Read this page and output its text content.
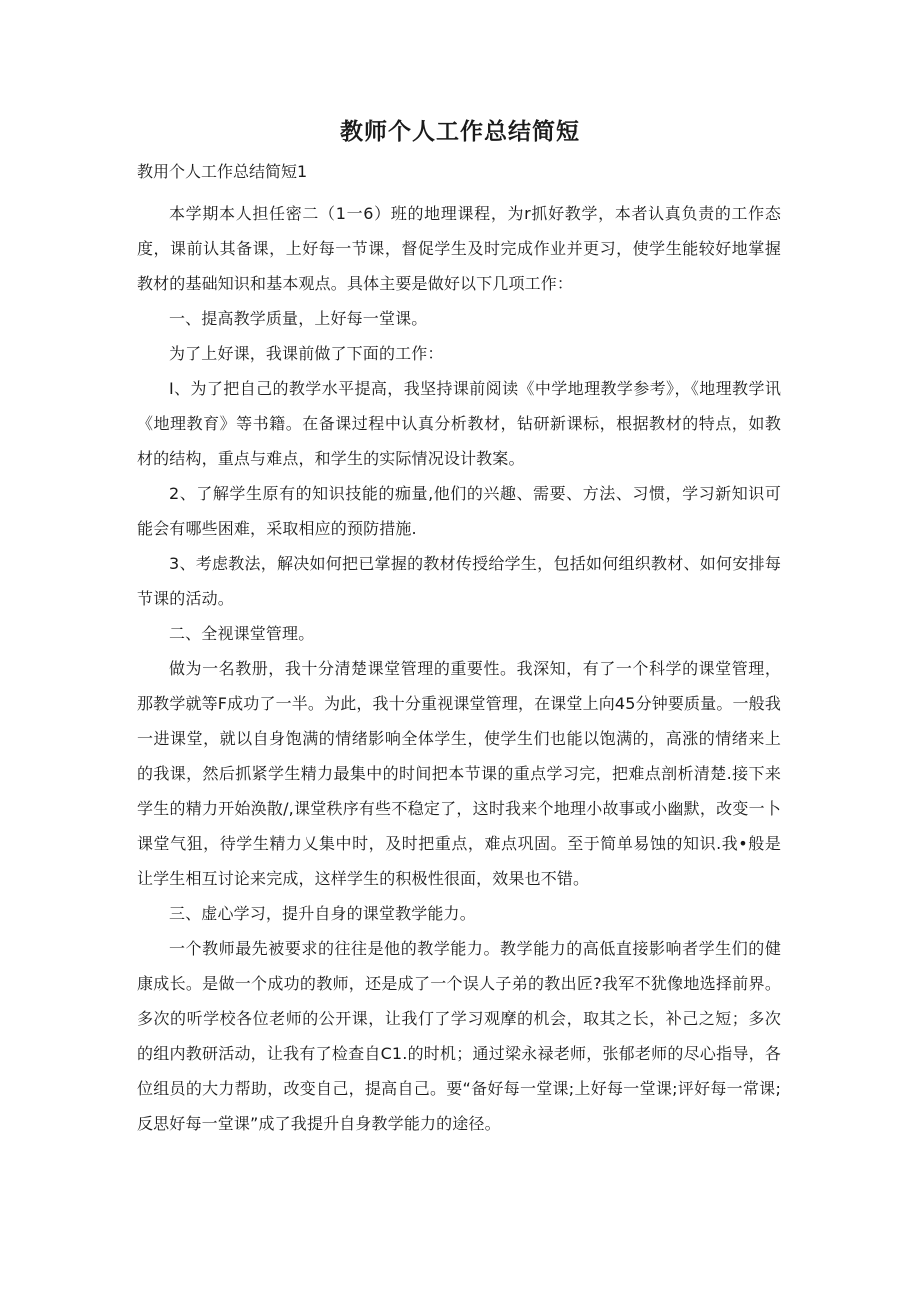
教师个人工作总结简短
教用个人工作总结简短1

本学期本人担任密二（1一6）班的地理课程，为r抓好教学，本者认真负责的工作态度，课前认其备课，上好每一节课，督促学生及时完成作业并更习，使学生能较好地掌握教材的基础知识和基本观点。具体主要是做好以下几项工作：

一、提高教学质量，上好每一堂课。

为了上好课，我课前做了下面的工作：

I、为了把自己的教学水平提高，我坚持课前阅读《中学地理教学参考》，《地理教学讯《地理教育》等书籍。在备课过程中认真分析教材，钻研新课标，根据教材的特点，如教材的结构，重点与难点，和学生的实际情况设计教案。

2、了解学生原有的知识技能的痂量,他们的兴趣、需要、方法、习惯，学习新知识可能会有哪些困难，采取相应的预防措施.

3、考虑教法，解决如何把已掌握的教材传授给学生，包括如何组织教材、如何安排每节课的活动。

二、全视课堂管理。

做为一名教册，我十分清楚课堂管理的重要性。我深知，有了一个科学的课堂管理，那教学就等F成功了一半。为此，我十分重视课堂管理，在课堂上向45分钟要质量。一般我一进课堂，就以自身饱满的情绪影响全体学生，使学生们也能以饱满的，高涨的情绪来上的我课，然后抓紧学生精力最集中的时间把本节课的重点学习完，把难点剖析清楚.接下来学生的精力开始涣散/,课堂秩序有些不稳定了，这时我来个地理小故事或小幽默，改变一卜课堂气狙，待学生精力乂集中时，及时把重点，难点巩固。至于简单易蚀的知识.我•般是让学生相互讨论来完成，这样学生的积极性很面，效果也不错。

三、虚心学习，提升自身的课堂教学能力。

一个教师最先被要求的往往是他的教学能力。教学能力的高低直接影响者学生们的健康成长。是做一个成功的教师，还是成了一个误人子弟的教出匠?我军不犹像地选择前界。多次的听学校各位老师的公开课，让我仃了学习观摩的机会，取其之长，补己之短；多次的组内教研活动，让我有了检查自C1.的时机；通过梁永禄老师，张郁老师的尽心指导，各位组员的大力帮助，改变自己，提高自己。要“备好每一堂课;上好每一堂课;评好每一常课;反思好每一堂课”成了我提升自身教学能力的途径。
